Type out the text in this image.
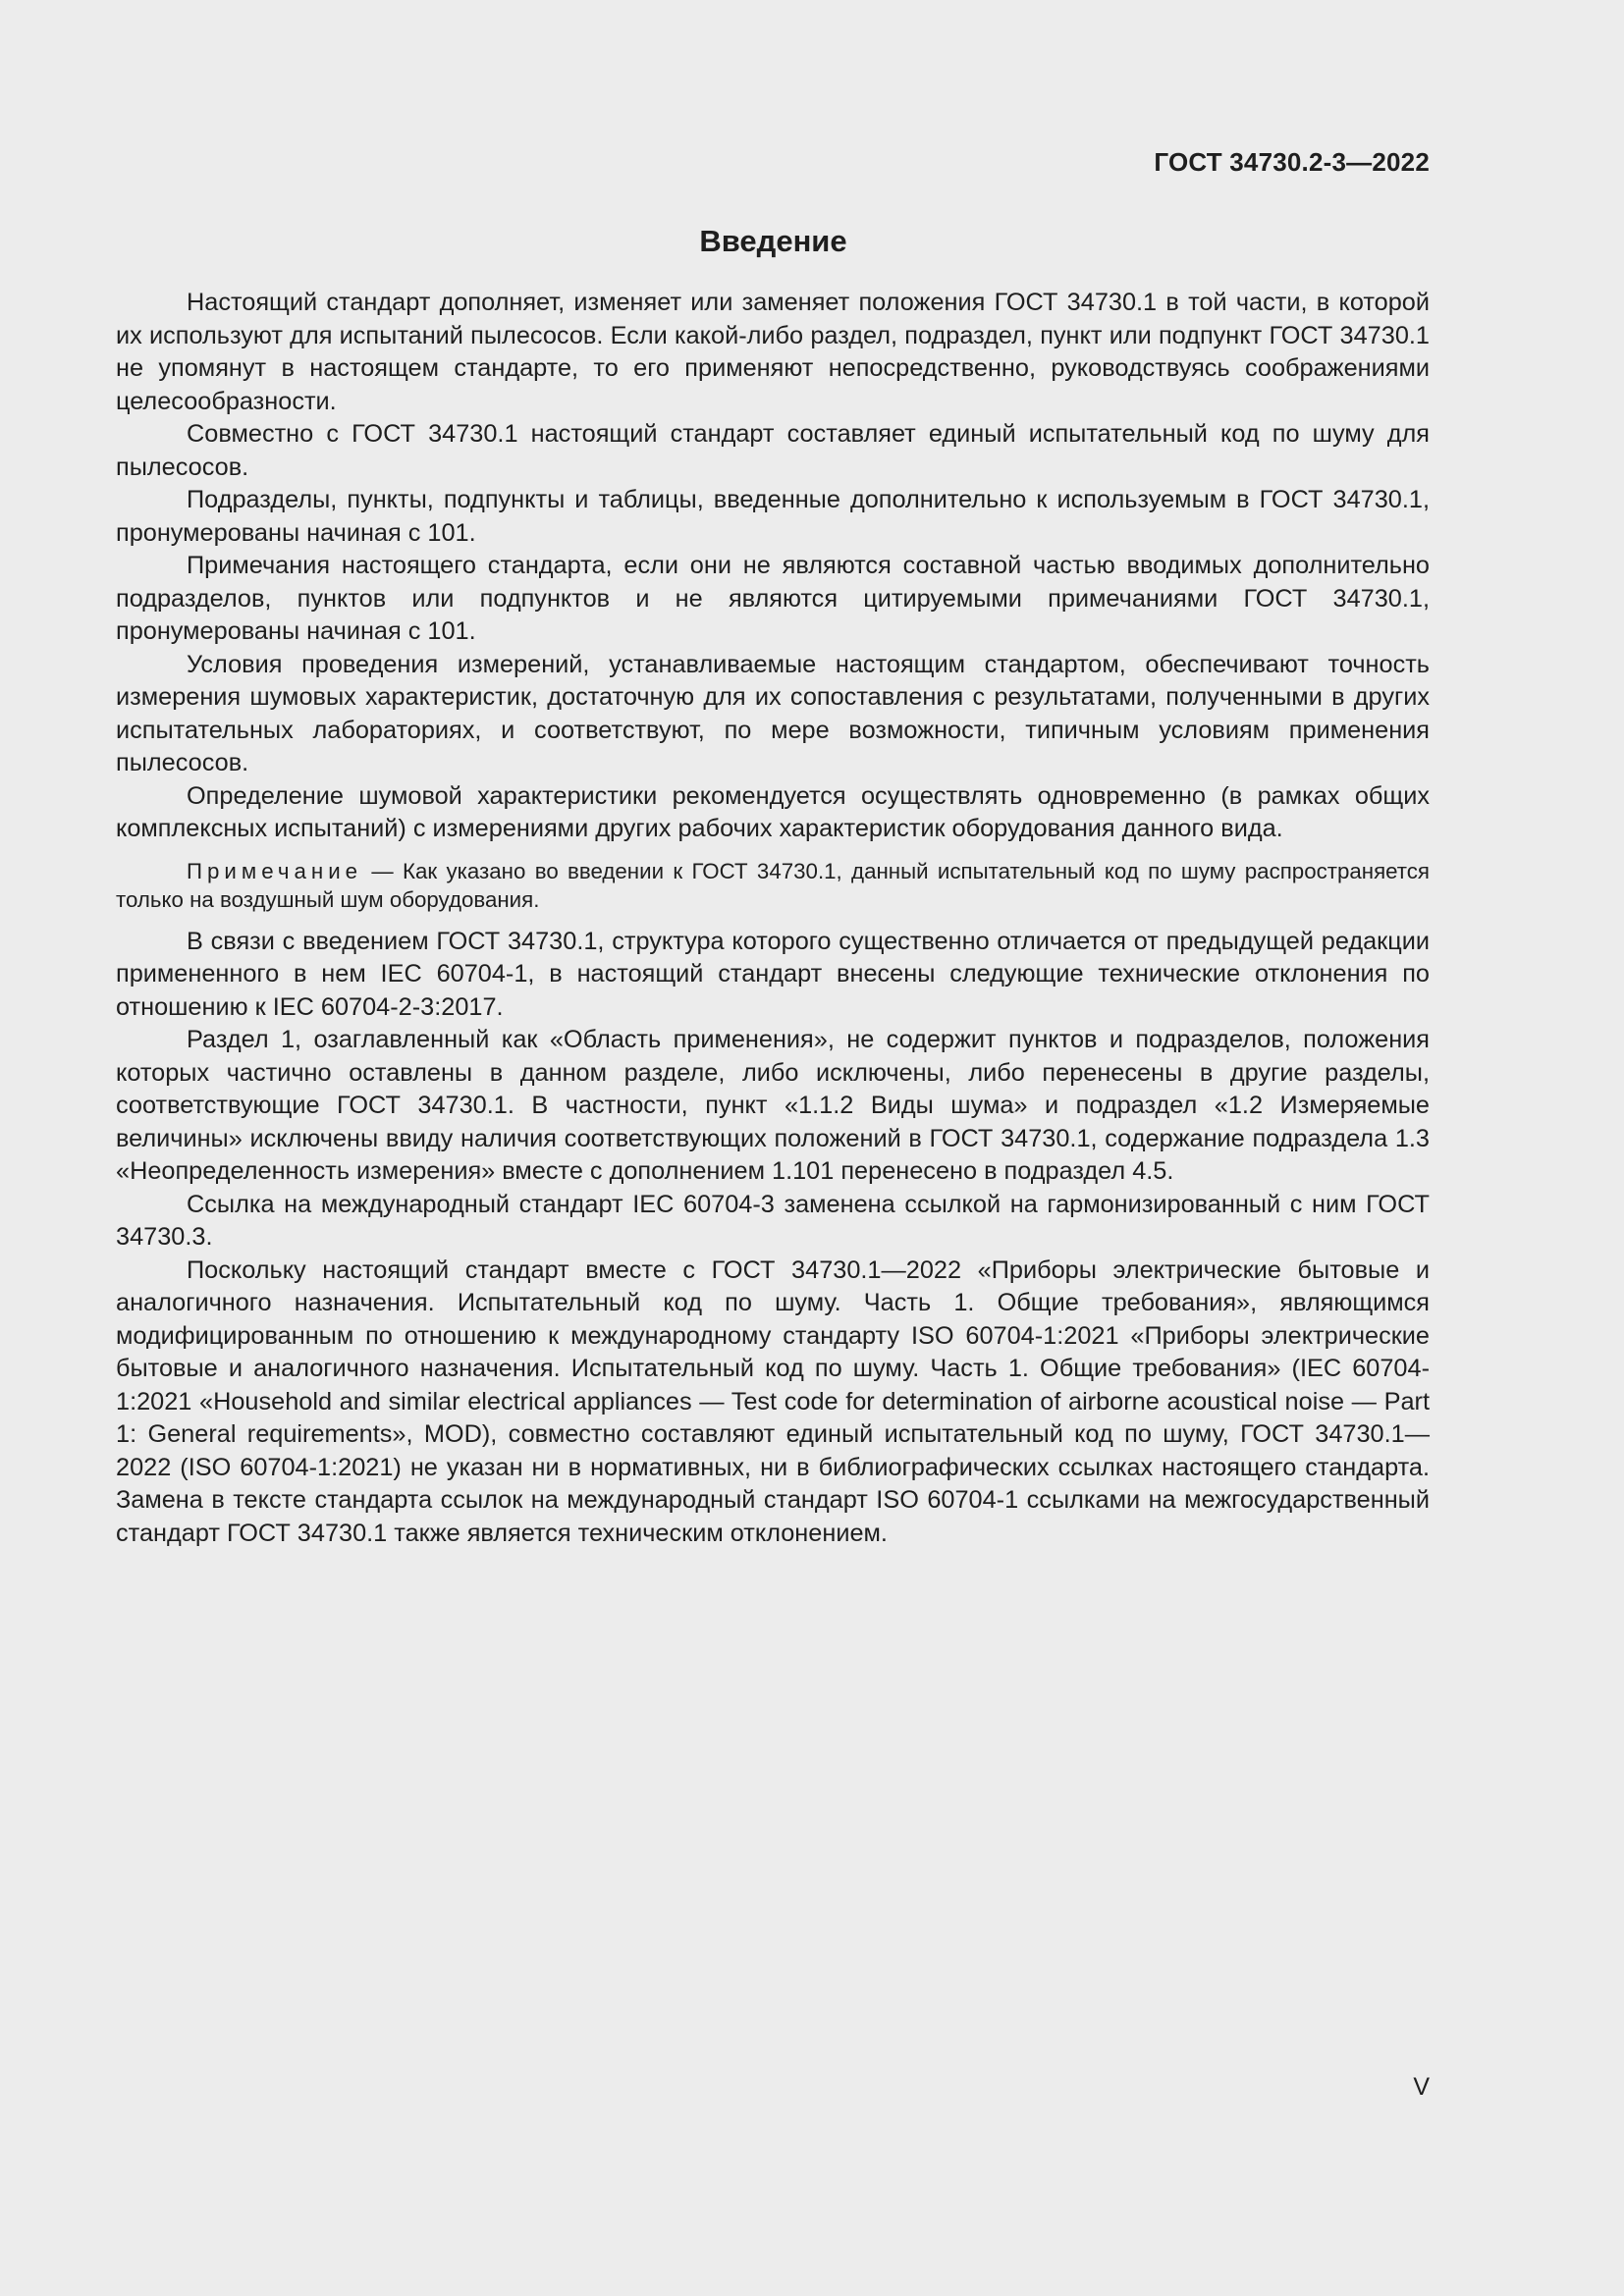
ГОСТ 34730.2-3—2022
Введение

Настоящий стандарт дополняет, изменяет или заменяет положения ГОСТ 34730.1 в той части, в которой их используют для испытаний пылесосов. Если какой-либо раздел, подраздел, пункт или подпункт ГОСТ 34730.1 не упомянут в настоящем стандарте, то его применяют непосредственно, руководствуясь соображениями целесообразности.

Совместно с ГОСТ 34730.1 настоящий стандарт составляет единый испытательный код по шуму для пылесосов.

Подразделы, пункты, подпункты и таблицы, введенные дополнительно к используемым в ГОСТ 34730.1, пронумерованы начиная с 101.

Примечания настоящего стандарта, если они не являются составной частью вводимых дополнительно подразделов, пунктов или подпунктов и не являются цитируемыми примечаниями ГОСТ 34730.1, пронумерованы начиная с 101.

Условия проведения измерений, устанавливаемые настоящим стандартом, обеспечивают точность измерения шумовых характеристик, достаточную для их сопоставления с результатами, полученными в других испытательных лабораториях, и соответствуют, по мере возможности, типичным условиям применения пылесосов.

Определение шумовой характеристики рекомендуется осуществлять одновременно (в рамках общих комплексных испытаний) с измерениями других рабочих характеристик оборудования данного вида.

Примечание — Как указано во введении к ГОСТ 34730.1, данный испытательный код по шуму распространяется только на воздушный шум оборудования.

В связи с введением ГОСТ 34730.1, структура которого существенно отличается от предыдущей редакции примененного в нем IEC 60704-1, в настоящий стандарт внесены следующие технические отклонения по отношению к IEC 60704-2-3:2017.

Раздел 1, озаглавленный как «Область применения», не содержит пунктов и подразделов, положения которых частично оставлены в данном разделе, либо исключены, либо перенесены в другие разделы, соответствующие ГОСТ 34730.1. В частности, пункт «1.1.2 Виды шума» и подраздел «1.2 Измеряемые величины» исключены ввиду наличия соответствующих положений в ГОСТ 34730.1, содержание подраздела 1.3 «Неопределенность измерения» вместе с дополнением 1.101 перенесено в подраздел 4.5.

Ссылка на международный стандарт IEC 60704-3 заменена ссылкой на гармонизированный с ним ГОСТ 34730.3.

Поскольку настоящий стандарт вместе с ГОСТ 34730.1—2022 «Приборы электрические бытовые и аналогичного назначения. Испытательный код по шуму. Часть 1. Общие требования», являющимся модифицированным по отношению к международному стандарту ISO 60704-1:2021 «Приборы электрические бытовые и аналогичного назначения. Испытательный код по шуму. Часть 1. Общие требования» (IEC 60704-1:2021 «Household and similar electrical appliances — Test code for determination of airborne acoustical noise — Part 1: General requirements», MOD), совместно составляют единый испытательный код по шуму, ГОСТ 34730.1—2022 (ISO 60704-1:2021) не указан ни в нормативных, ни в библиографических ссылках настоящего стандарта. Замена в тексте стандарта ссылок на международный стандарт ISO 60704-1 ссылками на межгосударственный стандарт ГОСТ 34730.1 также является техническим отклонением.

V
